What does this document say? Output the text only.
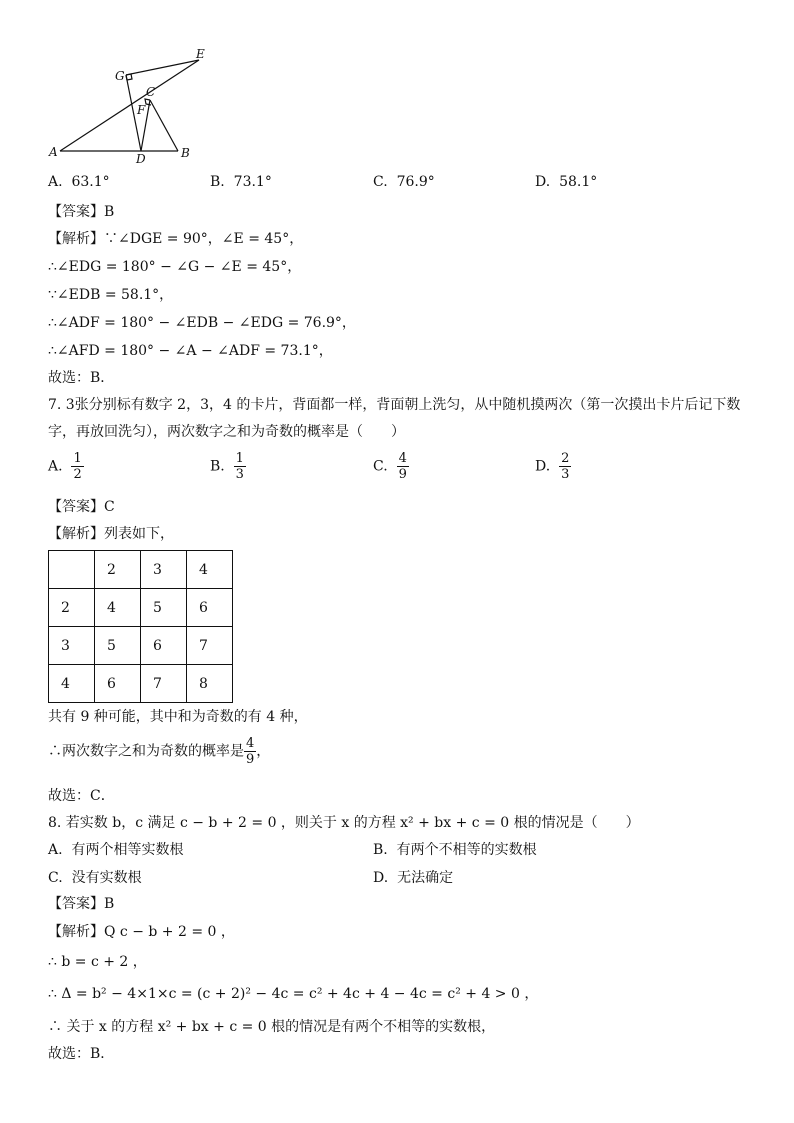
G
E
C
F
A	D	B
A. 63.1°	B. 73.1°	C. 76.9°	D. 58.1°
【答案】B
【解析】∵∠DGE = 90°，∠E = 45°，
∴∠EDG = 180° − ∠G − ∠E = 45°，
∵∠EDB = 58.1°，
∴∠ADF = 180° − ∠EDB − ∠EDG = 76.9°，
∴∠AFD = 180° − ∠A − ∠ADF = 73.1°，
故选：B．
7. 3张分别标有数字 2，3，4 的卡片，背面都一样，背面朝上洗匀，从中随机摸两次（第一次摸出卡片后记下数
字，再放回洗匀），两次数字之和为奇数的概率是（　　）
A. $\frac{1}{2}$	B. $\frac{1}{3}$	C. $\frac{4}{9}$	D. $\frac{2}{3}$
【答案】C
【解析】列表如下，
	2	3	4
2	4	5	6
3	5	6	7
4	6	7	8
共有 9 种可能，其中和为奇数的有 4 种，
∴两次数字之和为奇数的概率是 $\frac{4}{9}$ ，
故选：C．
8. 若实数 b，c 满足 c − b + 2 = 0 ，则关于 x 的方程 x² + bx + c = 0 根的情况是（　　）
A. 有两个相等实数根	B. 有两个不相等的实数根
C. 没有实数根	D. 无法确定
【答案】B
【解析】Q c − b + 2 = 0 ，
∴ b = c + 2 ，
∴ Δ = b² − 4×1×c = (c + 2)² − 4c = c² + 4c + 4 − 4c = c² + 4 > 0 ，
∴ 关于 x 的方程 x² + bx + c = 0 根的情况是有两个不相等的实数根，
故选：B．
